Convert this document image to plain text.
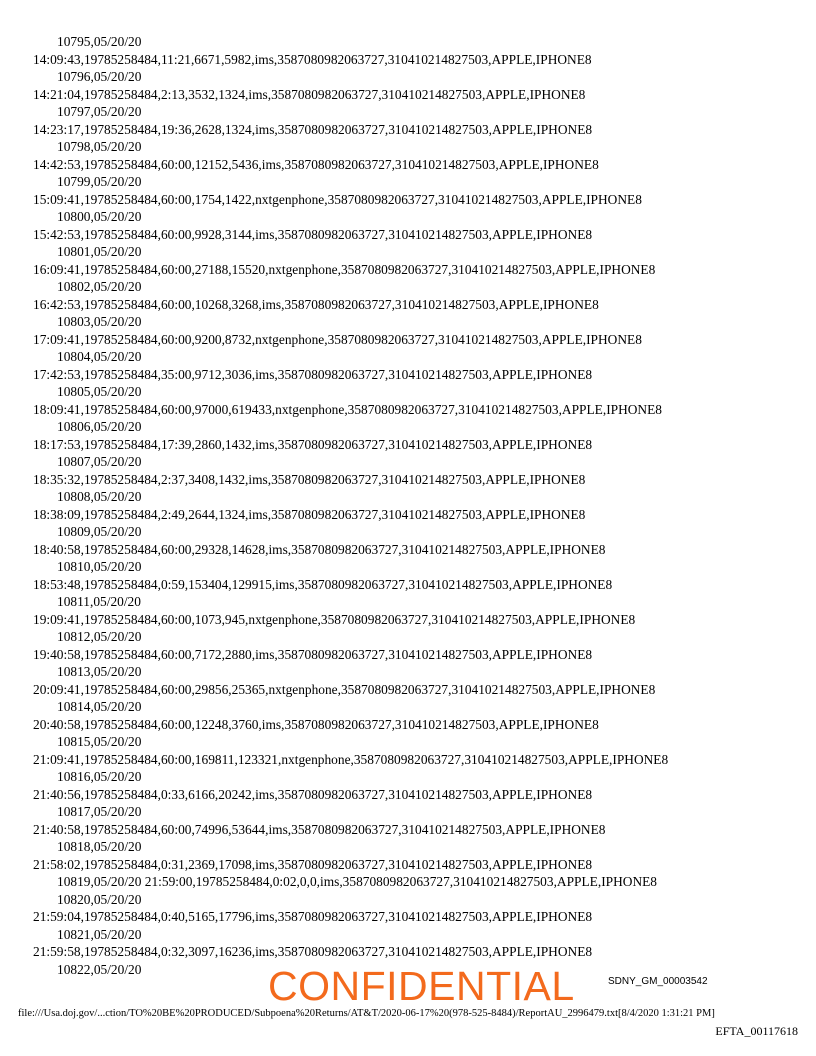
10795,05/20/20
14:09:43,19785258484,11:21,6671,5982,ims,3587080982063727,310410214827503,APPLE,IPHONE8
10796,05/20/20
14:21:04,19785258484,2:13,3532,1324,ims,3587080982063727,310410214827503,APPLE,IPHONE8
10797,05/20/20
14:23:17,19785258484,19:36,2628,1324,ims,3587080982063727,310410214827503,APPLE,IPHONE8
10798,05/20/20
14:42:53,19785258484,60:00,12152,5436,ims,3587080982063727,310410214827503,APPLE,IPHONE8
10799,05/20/20
15:09:41,19785258484,60:00,1754,1422,nxtgenphone,3587080982063727,310410214827503,APPLE,IPHONE8
10800,05/20/20
15:42:53,19785258484,60:00,9928,3144,ims,3587080982063727,310410214827503,APPLE,IPHONE8
10801,05/20/20
16:09:41,19785258484,60:00,27188,15520,nxtgenphone,3587080982063727,310410214827503,APPLE,IPHONE8
10802,05/20/20
16:42:53,19785258484,60:00,10268,3268,ims,3587080982063727,310410214827503,APPLE,IPHONE8
10803,05/20/20
17:09:41,19785258484,60:00,9200,8732,nxtgenphone,3587080982063727,310410214827503,APPLE,IPHONE8
10804,05/20/20
17:42:53,19785258484,35:00,9712,3036,ims,3587080982063727,310410214827503,APPLE,IPHONE8
10805,05/20/20
18:09:41,19785258484,60:00,97000,619433,nxtgenphone,3587080982063727,310410214827503,APPLE,IPHONE8
10806,05/20/20
18:17:53,19785258484,17:39,2860,1432,ims,3587080982063727,310410214827503,APPLE,IPHONE8
10807,05/20/20
18:35:32,19785258484,2:37,3408,1432,ims,3587080982063727,310410214827503,APPLE,IPHONE8
10808,05/20/20
18:38:09,19785258484,2:49,2644,1324,ims,3587080982063727,310410214827503,APPLE,IPHONE8
10809,05/20/20
18:40:58,19785258484,60:00,29328,14628,ims,3587080982063727,310410214827503,APPLE,IPHONE8
10810,05/20/20
18:53:48,19785258484,0:59,153404,129915,ims,3587080982063727,310410214827503,APPLE,IPHONE8
10811,05/20/20
19:09:41,19785258484,60:00,1073,945,nxtgenphone,3587080982063727,310410214827503,APPLE,IPHONE8
10812,05/20/20
19:40:58,19785258484,60:00,7172,2880,ims,3587080982063727,310410214827503,APPLE,IPHONE8
10813,05/20/20
20:09:41,19785258484,60:00,29856,25365,nxtgenphone,3587080982063727,310410214827503,APPLE,IPHONE8
10814,05/20/20
20:40:58,19785258484,60:00,12248,3760,ims,3587080982063727,310410214827503,APPLE,IPHONE8
10815,05/20/20
21:09:41,19785258484,60:00,169811,123321,nxtgenphone,3587080982063727,310410214827503,APPLE,IPHONE8
10816,05/20/20
21:40:56,19785258484,0:33,6166,20242,ims,3587080982063727,310410214827503,APPLE,IPHONE8
10817,05/20/20
21:40:58,19785258484,60:00,74996,53644,ims,3587080982063727,310410214827503,APPLE,IPHONE8
10818,05/20/20
21:58:02,19785258484,0:31,2369,17098,ims,3587080982063727,310410214827503,APPLE,IPHONE8
10819,05/20/20 21:59:00,19785258484,0:02,0,0,ims,3587080982063727,310410214827503,APPLE,IPHONE8
10820,05/20/20
21:59:04,19785258484,0:40,5165,17796,ims,3587080982063727,310410214827503,APPLE,IPHONE8
10821,05/20/20
21:59:58,19785258484,0:32,3097,16236,ims,3587080982063727,310410214827503,APPLE,IPHONE8
10822,05/20/20
SDNY_GM_00003542
CONFIDENTIAL
file:///Usa.doj.gov/...ction/TO%20BE%20PRODUCED/Subpoena%20Returns/AT&T/2020-06-17%20(978-525-8484)/ReportAU_2996479.txt[8/4/2020 1:31:21 PM]
EFTA_00117618
